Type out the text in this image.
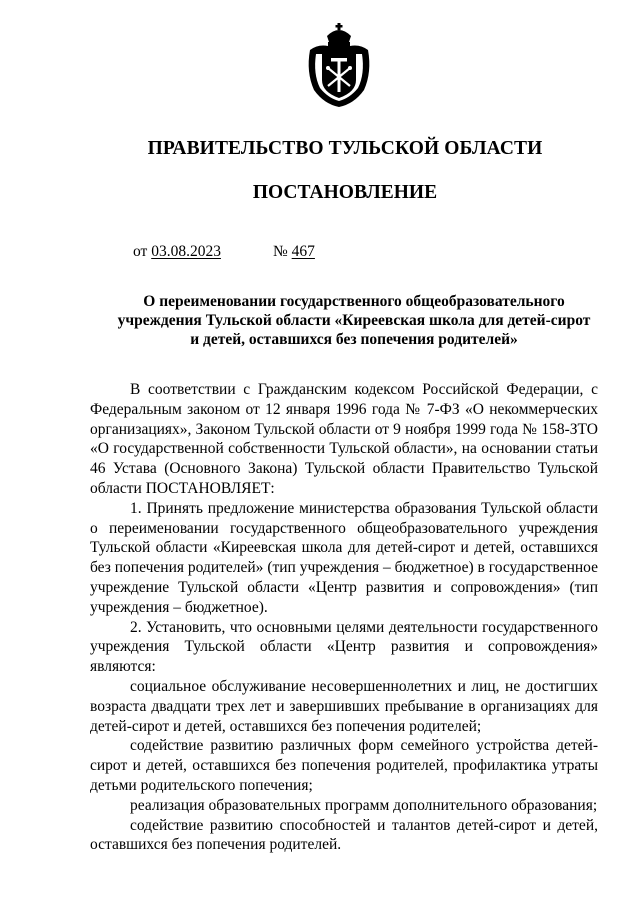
ПРАВИТЕЛЬСТВО ТУЛЬСКОЙ ОБЛАСТИ
ПОСТАНОВЛЕНИЕ
от 03.08.2023	№ 467
О переименовании государственного общеобразовательного учреждения Тульской области «Киреевская школа для детей-сирот и детей, оставшихся без попечения родителей»

В соответствии с Гражданским кодексом Российской Федерации, с Федеральным законом от 12 января 1996 года № 7-ФЗ «О некоммерческих организациях», Законом Тульской области от 9 ноября 1999 года № 158-ЗТО «О государственной собственности Тульской области», на основании статьи 46 Устава (Основного Закона) Тульской области Правительство Тульской области ПОСТАНОВЛЯЕТ:

1. Принять предложение министерства образования Тульской области о переименовании государственного общеобразовательного учреждения Тульской области «Киреевская школа для детей-сирот и детей, оставшихся без попечения родителей» (тип учреждения – бюджетное) в государственное учреждение Тульской области «Центр развития и сопровождения» (тип учреждения – бюджетное).

2. Установить, что основными целями деятельности государственного учреждения Тульской области «Центр развития и сопровождения» являются:

социальное обслуживание несовершеннолетних и лиц, не достигших возраста двадцати трех лет и завершивших пребывание в организациях для детей-сирот и детей, оставшихся без попечения родителей;

содействие развитию различных форм семейного устройства детей-сирот и детей, оставшихся без попечения родителей, профилактика утраты детьми родительского попечения;

реализация образовательных программ дополнительного образования;

содействие развитию способностей и талантов детей-сирот и детей, оставшихся без попечения родителей.
